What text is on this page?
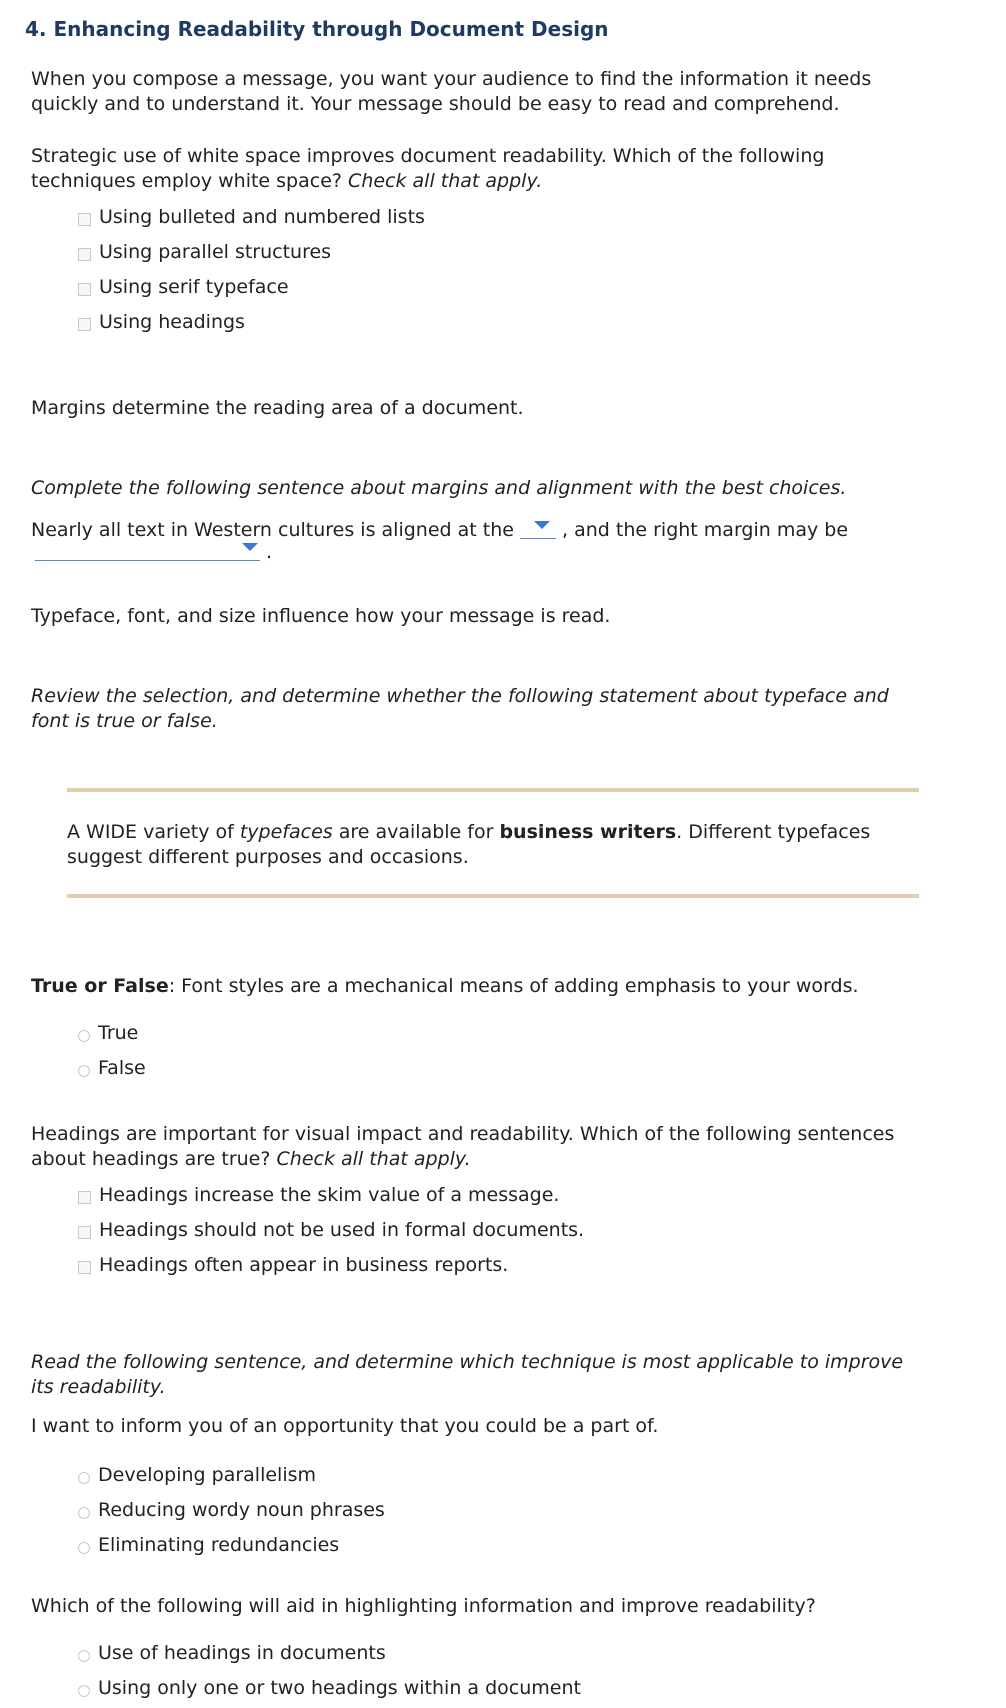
4. Enhancing Readability through Document Design

When you compose a message, you want your audience to find the information it needs quickly and to understand it. Your message should be easy to read and comprehend.

Strategic use of white space improves document readability. Which of the following techniques employ white space? Check all that apply.

Using bulleted and numbered lists
Using parallel structures
Using serif typeface
Using headings

Margins determine the reading area of a document.

Complete the following sentence about margins and alignment with the best choices.

Nearly all text in Western cultures is aligned at the	, and the right margin may be
.

Typeface, font, and size influence how your message is read.

Review the selection, and determine whether the following statement about typeface and font is true or false.

A WIDE variety of typefaces are available for business writers. Different typefaces suggest different purposes and occasions.

True or False: Font styles are a mechanical means of adding emphasis to your words.

True
False

Headings are important for visual impact and readability. Which of the following sentences about headings are true? Check all that apply.

Headings increase the skim value of a message.
Headings should not be used in formal documents.
Headings often appear in business reports.

Read the following sentence, and determine which technique is most applicable to improve its readability.

I want to inform you of an opportunity that you could be a part of.

Developing parallelism
Reducing wordy noun phrases
Eliminating redundancies

Which of the following will aid in highlighting information and improve readability?

Use of headings in documents
Using only one or two headings within a document
